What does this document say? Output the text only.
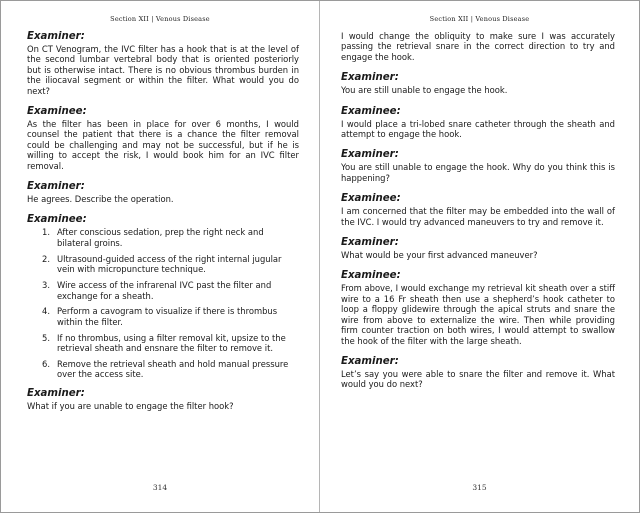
Section XII | Venous Disease
Examiner:

On CT Venogram, the IVC filter has a hook that is at the level of the second lumbar vertebral body that is oriented posteriorly but is otherwise intact. There is no obvious thrombus burden in the iliocaval segment or within the filter. What would you do next?

Examinee:

As the filter has been in place for over 6 months, I would counsel the patient that there is a chance the filter removal could be challenging and may not be successful, but if he is willing to accept the risk, I would book him for an IVC filter removal.

Examiner:

He agrees. Describe the operation.

Examinee:
1. After conscious sedation, prep the right neck and bilateral groins.
2. Ultrasound-guided access of the right internal jugular vein with micropuncture technique.
3. Wire access of the infrarenal IVC past the filter and exchange for a sheath.
4. Perform a cavogram to visualize if there is thrombus within the filter.
5. If no thrombus, using a filter removal kit, upsize to the retrieval sheath and ensnare the filter to remove it.
6. Remove the retrieval sheath and hold manual pressure over the access site.
Examiner:

What if you are unable to engage the filter hook?

314
Section XII | Venous Disease

I would change the obliquity to make sure I was accurately passing the retrieval snare in the correct direction to try and engage the hook.

Examiner:

You are still unable to engage the hook.

Examinee:

I would place a tri-lobed snare catheter through the sheath and attempt to engage the hook.

Examiner:

You are still unable to engage the hook. Why do you think this is happening?

Examinee:

I am concerned that the filter may be embedded into the wall of the IVC. I would try advanced maneuvers to try and remove it.

Examiner:

What would be your first advanced maneuver?

Examinee:

From above, I would exchange my retrieval kit sheath over a stiff wire to a 16 Fr sheath then use a shepherd’s hook catheter to loop a floppy glidewire through the apical struts and snare the wire from above to externalize the wire. Then while providing firm counter traction on both wires, I would attempt to swallow the hook of the filter with the large sheath.

Examiner:

Let’s say you were able to snare the filter and remove it. What would you do next?

315
